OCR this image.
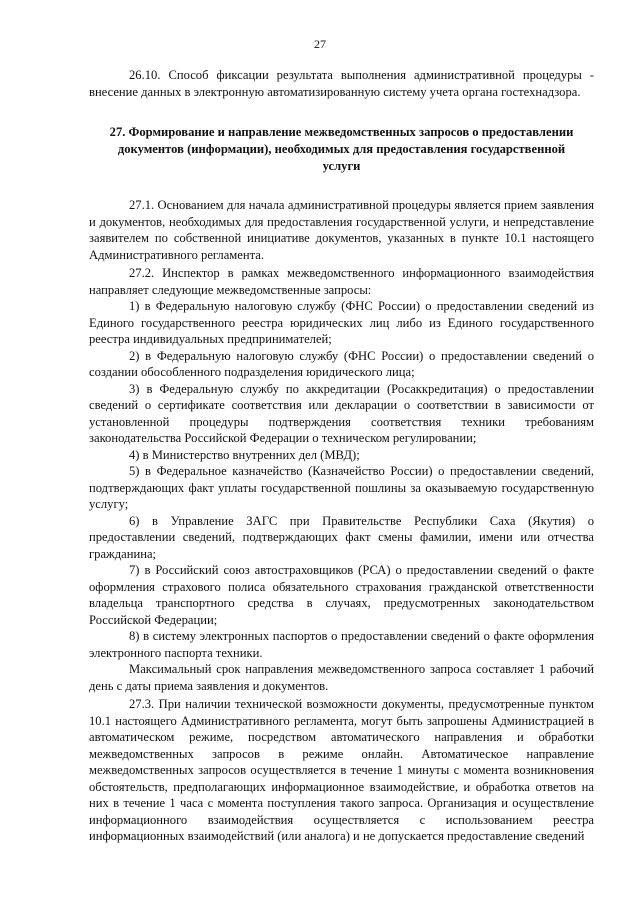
27

26.10. Способ фиксации результата выполнения административной процедуры - внесение данных в электронную автоматизированную систему учета органа гостехнадзора.

27. Формирование и направление межведомственных запросов о предоставлении документов (информации), необходимых для предоставления государственной услуги

27.1. Основанием для начала административной процедуры является прием заявления и документов, необходимых для предоставления государственной услуги, и непредставление заявителем по собственной инициативе документов, указанных в пункте 10.1 настоящего Административного регламента.

27.2. Инспектор в рамках межведомственного информационного взаимодействия направляет следующие межведомственные запросы:

1) в Федеральную налоговую службу (ФНС России) о предоставлении сведений из Единого государственного реестра юридических лиц либо из Единого государственного реестра индивидуальных предпринимателей;

2) в Федеральную налоговую службу (ФНС России) о предоставлении сведений о создании обособленного подразделения юридического лица;

3) в Федеральную службу по аккредитации (Росаккредитация) о предоставлении сведений о сертификате соответствия или декларации о соответствии в зависимости от установленной процедуры подтверждения соответствия техники требованиям законодательства Российской Федерации о техническом регулировании;

4) в Министерство внутренних дел (МВД);

5) в Федеральное казначейство (Казначейство России) о предоставлении сведений, подтверждающих факт уплаты государственной пошлины за оказываемую государственную услугу;

6) в Управление ЗАГС при Правительстве Республики Саха (Якутия) о предоставлении сведений, подтверждающих факт смены фамилии, имени или отчества гражданина;

7) в Российский союз автостраховщиков (РСА) о предоставлении сведений о факте оформления страхового полиса обязательного страхования гражданской ответственности владельца транспортного средства в случаях, предусмотренных законодательством Российской Федерации;

8) в систему электронных паспортов о предоставлении сведений о факте оформления электронного паспорта техники.

Максимальный срок направления межведомственного запроса составляет 1 рабочий день с даты приема заявления и документов.

27.3. При наличии технической возможности документы, предусмотренные пунктом 10.1 настоящего Административного регламента, могут быть запрошены Администрацией в автоматическом режиме, посредством автоматического направления и обработки межведомственных запросов в режиме онлайн. Автоматическое направление межведомственных запросов осуществляется в течение 1 минуты с момента возникновения обстоятельств, предполагающих информационное взаимодействие, и обработка ответов на них в течение 1 часа с момента поступления такого запроса. Организация и осуществление информационного взаимодействия осуществляется с использованием реестра информационных взаимодействий (или аналога) и не допускается предоставление сведений
